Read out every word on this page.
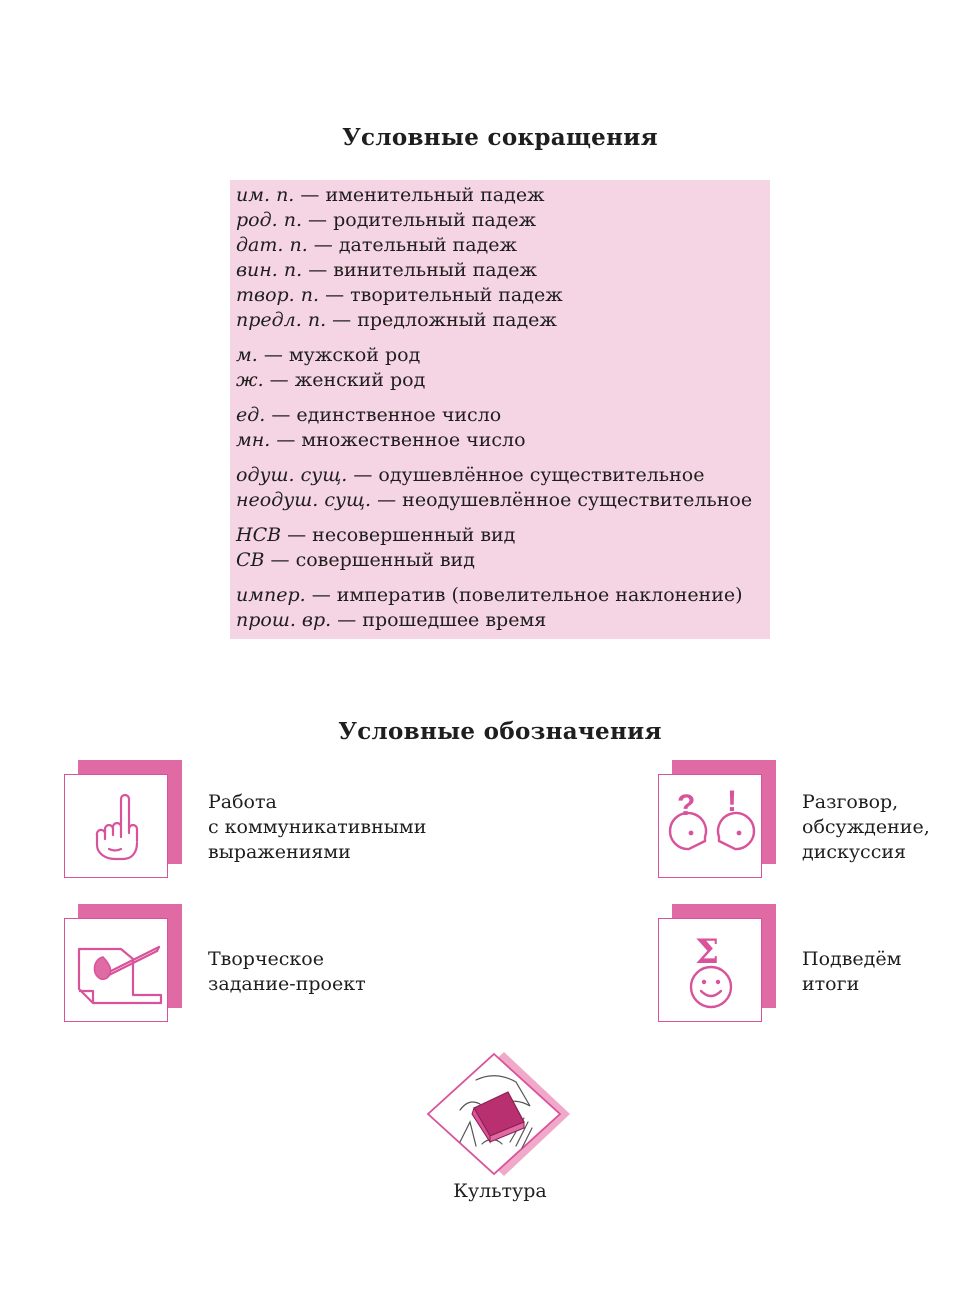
Условные сокращения
им. п. — именительный падеж
род. п. — родительный падеж
дат. п. — дательный падеж
вин. п. — винительный падеж
твор. п. — творительный падеж
предл. п. — предложный падеж
м. — мужской род
ж. — женский род
ед. — единственное число
мн. — множественное число
одуш. сущ. — одушевлённое существительное
неодуш. сущ. — неодушевлённое существительное
НСВ — несовершенный вид
СВ — совершенный вид
импер. — императив (повелительное наклонение)
прош. вр. — прошедшее время
Условные обозначения
Работа
с коммуникативными
выражениями
? !	Разговор,
обсуждение,
дискуссия
Творческое
задание-проект
Σ	Подведём
итоги
Культура
